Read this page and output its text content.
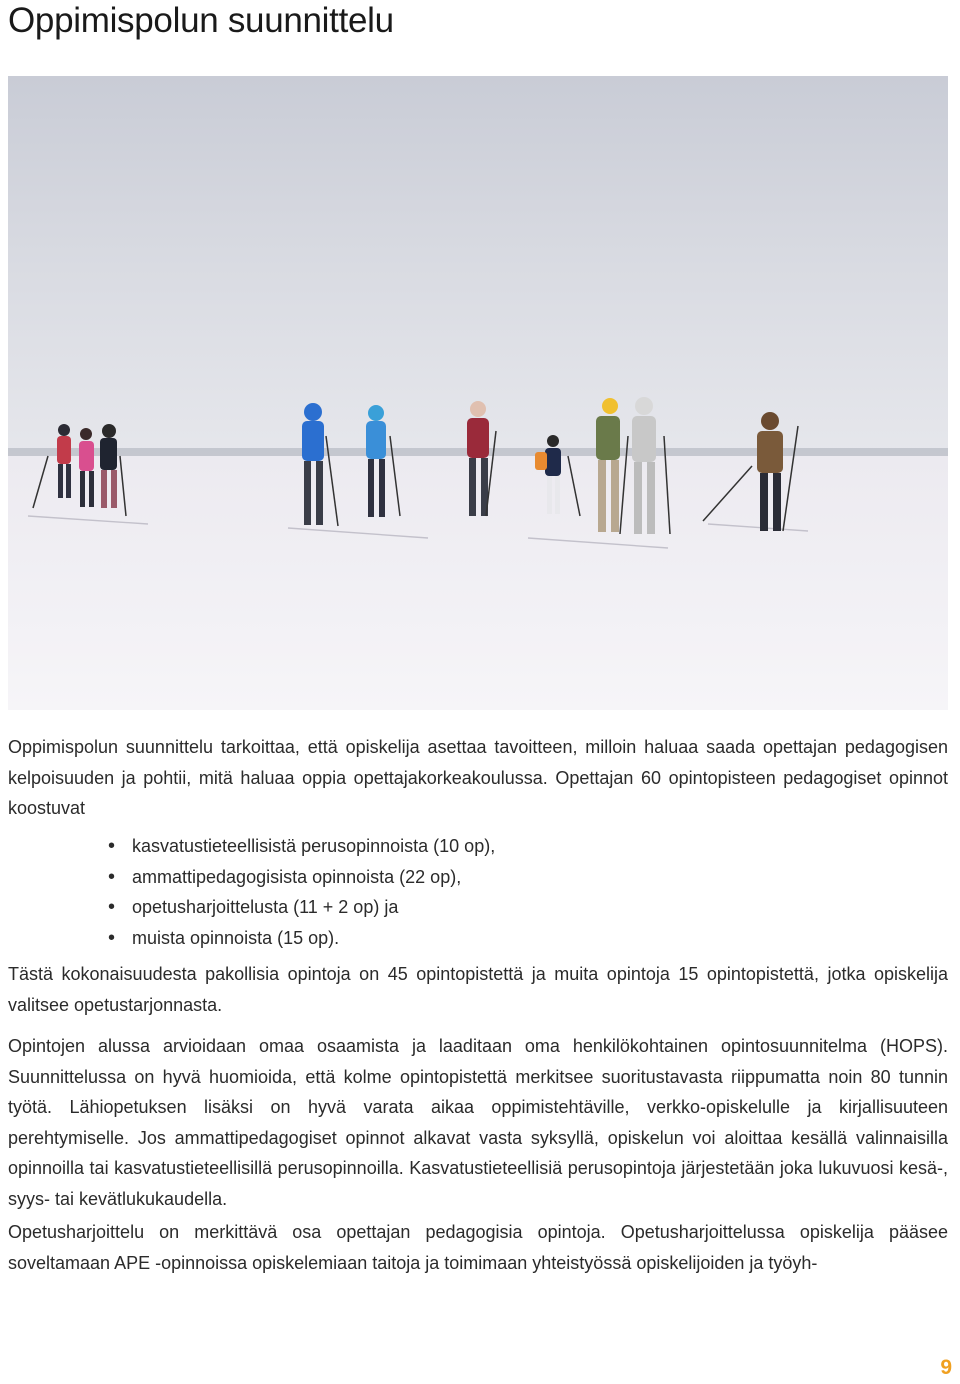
Oppimispolun suunnittelu

Oppimispolun suunnittelu tarkoittaa, että opiskelija asettaa tavoitteen, milloin haluaa saada opettajan pedagogisen kelpoisuuden ja pohtii, mitä haluaa oppia opettajakorkeakoulussa. Opettajan 60 opintopisteen pedagogiset opinnot koostuvat

• kasvatustieteellisistä perusopinnoista (10 op),
• ammattipedagogisista opinnoista (22 op),
• opetusharjoittelusta (11 + 2 op) ja
• muista opinnoista (15 op).

Tästä kokonaisuudesta pakollisia opintoja on 45 opintopistettä ja muita opintoja 15 opintopistettä, jotka opiskelija valitsee opetustarjonnasta.

Opintojen alussa arvioidaan omaa osaamista ja laaditaan oma henkilökohtainen opintosuunnitelma (HOPS). Suunnittelussa on hyvä huomioida, että kolme opintopistettä merkitsee suoritustavasta riippumatta noin 80 tunnin työtä. Lähiopetuksen lisäksi on hyvä varata aikaa oppimistehtäville, verkko-opiskelulle ja kirjallisuuteen perehtymiselle. Jos ammattipedagogiset opinnot alkavat vasta syksyllä, opiskelun voi aloittaa kesällä valinnaisilla opinnoilla tai kasvatustieteellisillä perusopinnoilla. Kasvatustieteellisiä perusopintoja järjestetään joka lukuvuosi kesä-, syys- tai kevätlukukaudella.

Opetusharjoittelu on merkittävä osa opettajan pedagogisia opintoja. Opetusharjoittelussa opiskelija pääsee soveltamaan APE -opinnoissa opiskelemiaan taitoja ja toimimaan yhteistyössä opiskelijoiden ja työyh-

9
